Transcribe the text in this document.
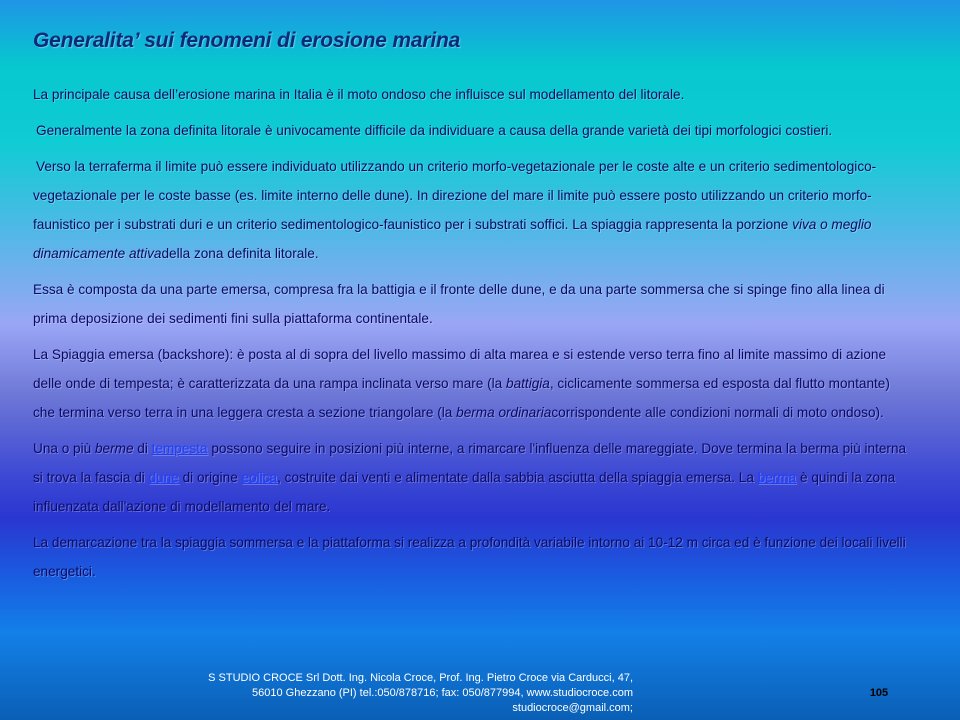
Generalita’ sui fenomeni di erosione marina

La principale causa dell’erosione marina in Italia è il moto ondoso che influisce sul modellamento del litorale.

Generalmente la zona definita litorale è univocamente difficile da individuare a causa della grande varietà dei tipi morfologici costieri.

Verso la terraferma il limite può essere individuato utilizzando un criterio morfo-vegetazionale per le coste alte e un criterio sedimentologico-vegetazionale per le coste basse (es. limite interno delle dune). In direzione del mare il limite può essere posto utilizzando un criterio morfo-faunistico per i substrati duri e un criterio sedimentologico-faunistico per i substrati soffici. La spiaggia rappresenta la porzione viva o meglio dinamicamente attivadella zona definita litorale.

Essa è composta da una parte emersa, compresa fra la battigia e il fronte delle dune, e da una parte sommersa che si spinge fino alla linea di prima deposizione dei sedimenti fini sulla piattaforma continentale.

La Spiaggia emersa (backshore): è posta al di sopra del livello massimo di alta marea e si estende verso terra fino al limite massimo di azione delle onde di tempesta; è caratterizzata da una rampa inclinata verso mare (la battigia, ciclicamente sommersa ed esposta dal flutto montante) che termina verso terra in una leggera cresta a sezione triangolare (la berma ordinariacorrispondente alle condizioni normali di moto ondoso).

Una o più berme di tempesta possono seguire in posizioni più interne, a rimarcare l'influenza delle mareggiate. Dove termina la berma più interna si trova la fascia di dune di origine eolica, costruite dai venti e alimentate dalla sabbia asciutta della spiaggia emersa. La berma è quindi la zona influenzata dall'azione di modellamento del mare.

La demarcazione tra la spiaggia sommersa e la piattaforma si realizza a profondità variabile intorno ai 10-12 m circa ed è funzione dei locali livelli energetici.

S STUDIO CROCE Srl Dott. Ing. Nicola Croce, Prof. Ing. Pietro Croce via Carducci, 47,
56010 Ghezzano (PI) tel.:050/878716; fax: 050/877994, www.studiocroce.com
studiocroce@gmail.com;
105
